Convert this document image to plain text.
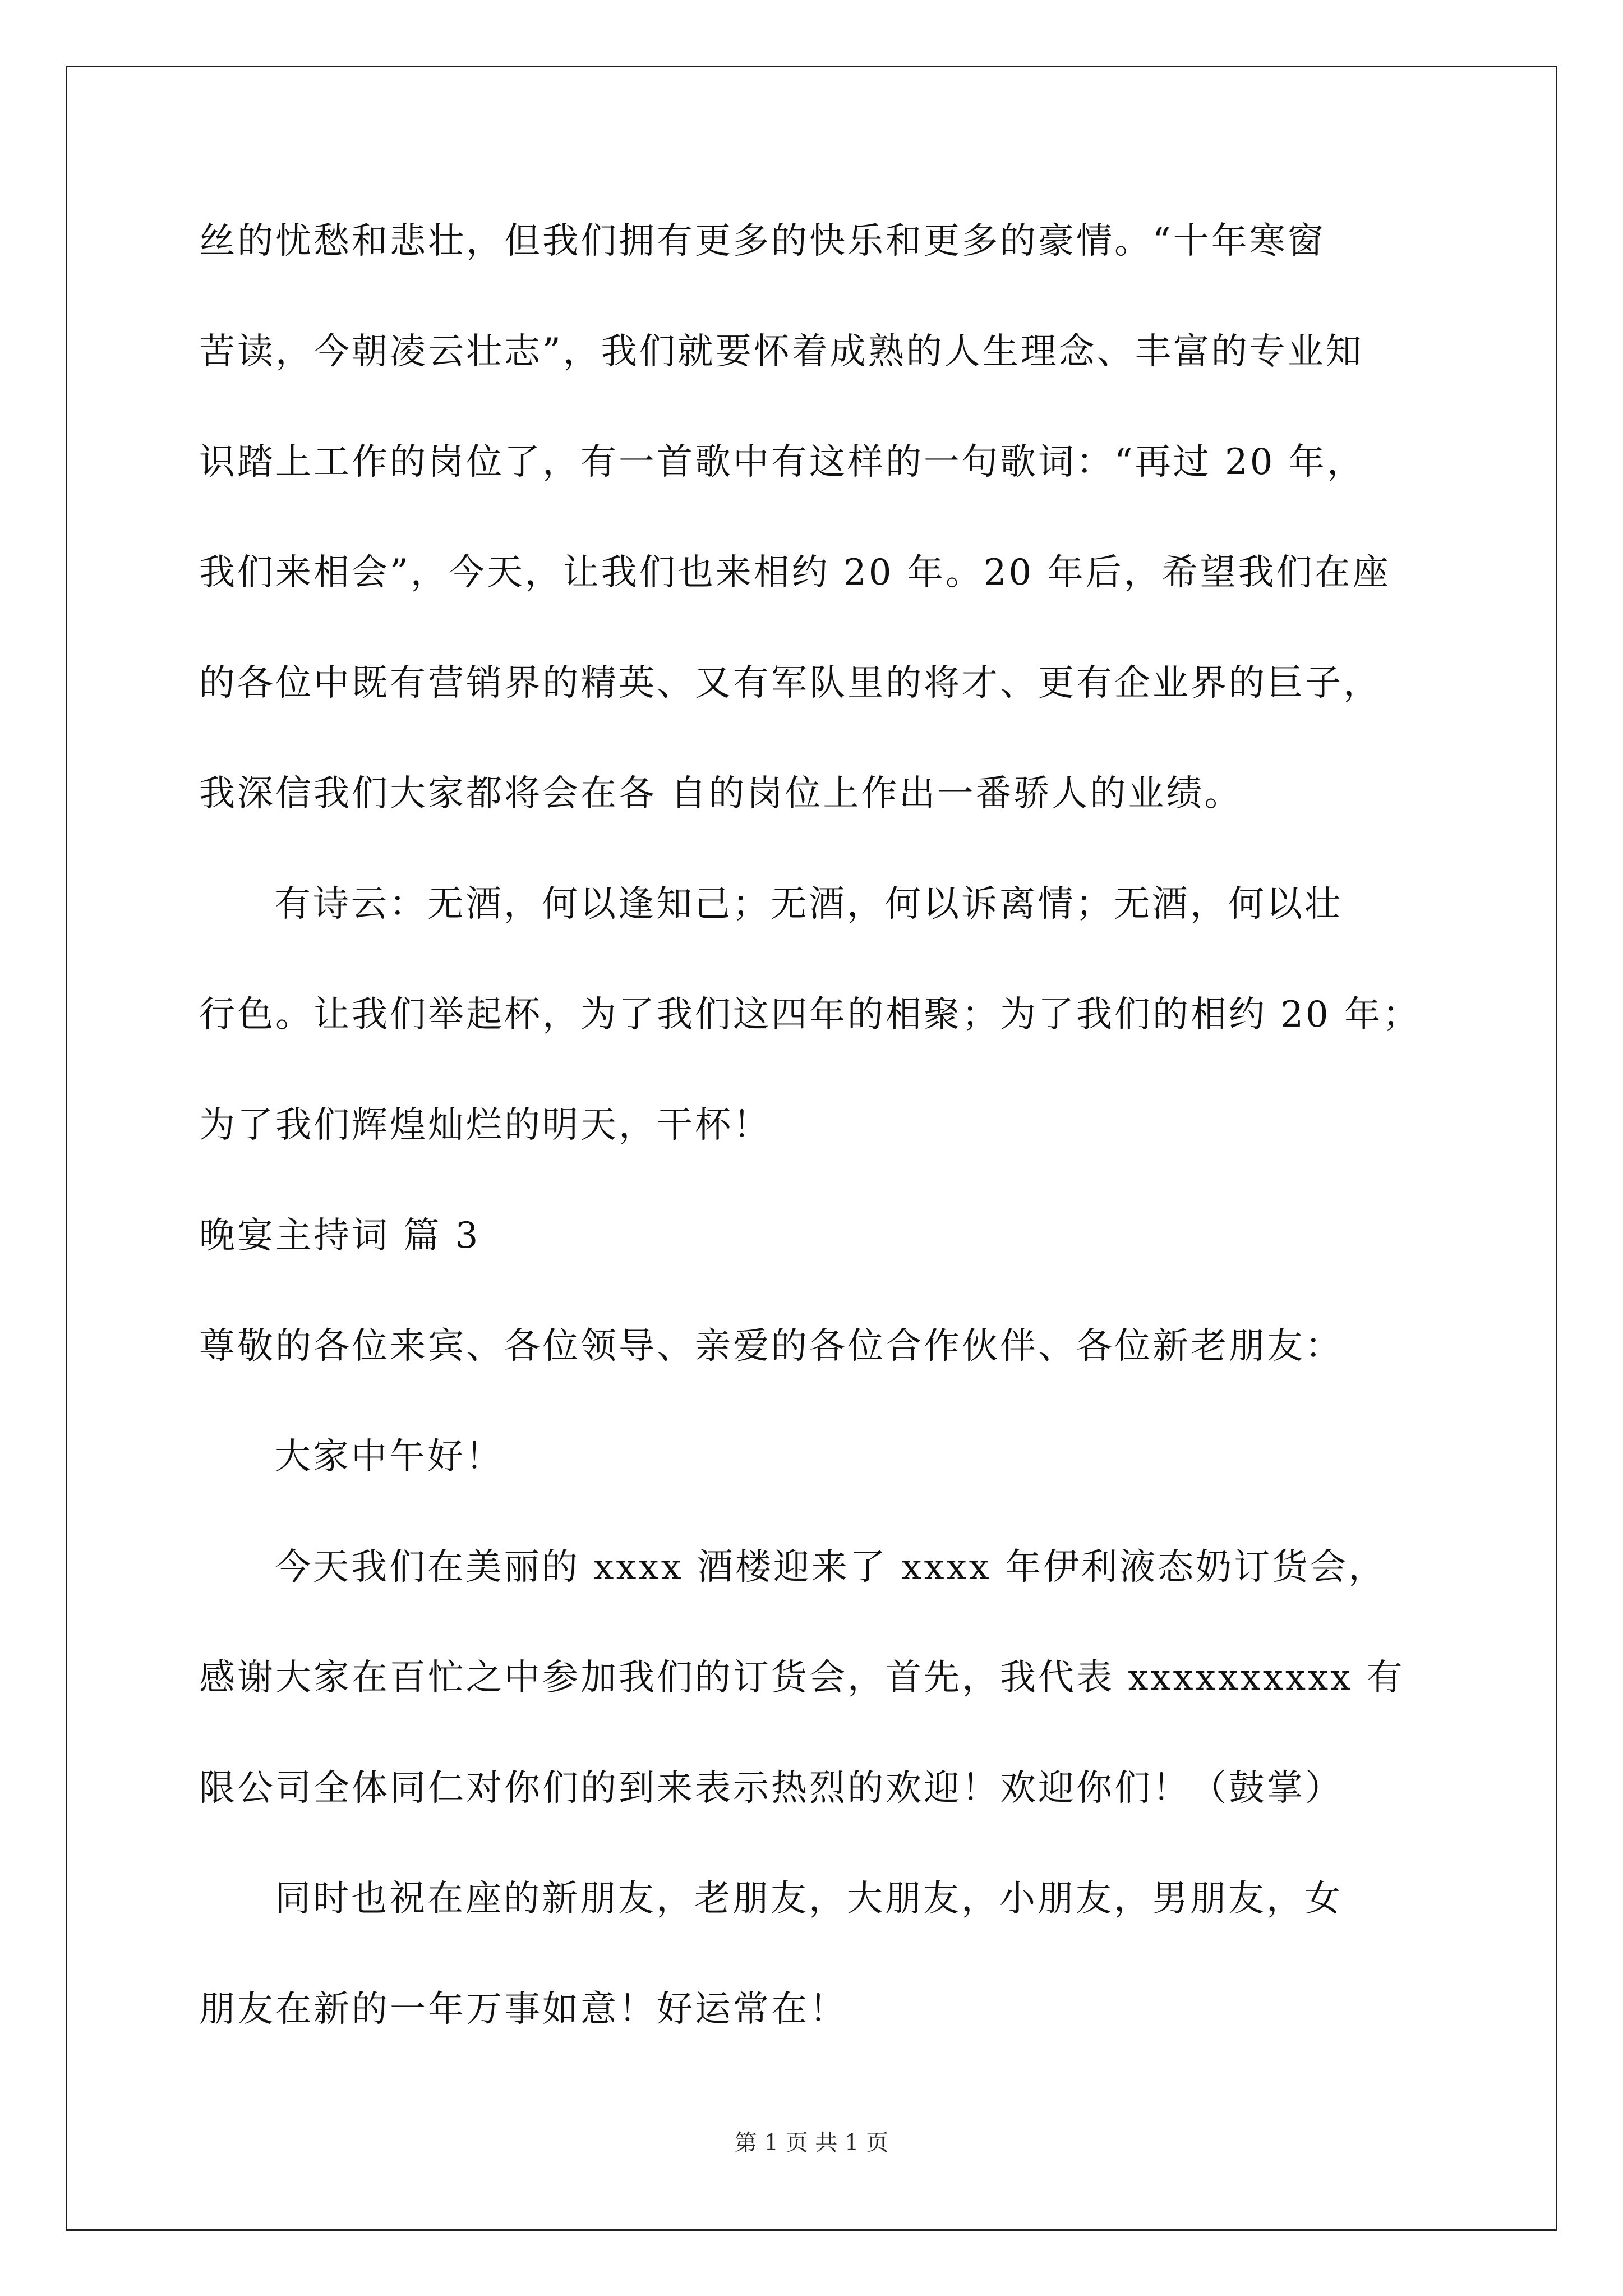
丝的忧愁和悲壮，但我们拥有更多的快乐和更多的豪情。“十年寒窗
苦读，今朝凌云壮志”，我们就要怀着成熟的人生理念、丰富的专业知
识踏上工作的岗位了，有一首歌中有这样的一句歌词：“再过 20 年，
我们来相会”，今天，让我们也来相约 20 年。20 年后，希望我们在座
的各位中既有营销界的精英、又有军队里的将才、更有企业界的巨子，
我深信我们大家都将会在各 自的岗位上作出一番骄人的业绩。
有诗云：无酒，何以逢知己；无酒，何以诉离情；无酒，何以壮
行色。让我们举起杯，为了我们这四年的相聚；为了我们的相约 20 年；
为了我们辉煌灿烂的明天，干杯！
晚宴主持词 篇 3
尊敬的各位来宾、各位领导、亲爱的各位合作伙伴、各位新老朋友：
大家中午好！
今天我们在美丽的 xxxx 酒楼迎来了 xxxx 年伊利液态奶订货会，
感谢大家在百忙之中参加我们的订货会，首先，我代表 xxxxxxxxxx 有
限公司全体同仁对你们的到来表示热烈的欢迎！欢迎你们！（鼓掌）
同时也祝在座的新朋友，老朋友，大朋友，小朋友，男朋友，女
朋友在新的一年万事如意！好运常在！
第 1 页 共 1 页
